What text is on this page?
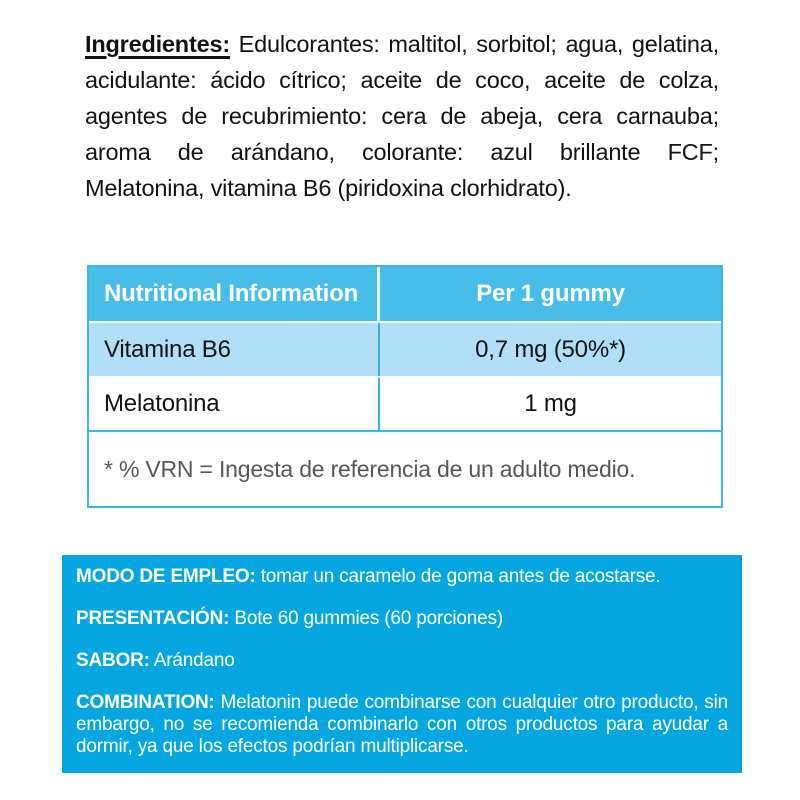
Ingredientes: Edulcorantes: maltitol, sorbitol; agua, gelatina, acidulante: ácido cítrico; aceite de coco, aceite de colza, agentes de recubrimiento: cera de abeja, cera carnauba; aroma de arándano, colorante: azul brillante FCF; Melatonina, vitamina B6 (piridoxina clorhidrato).

Nutritional Information	Per 1 gummy
Vitamina B6	0,7 mg (50%*)
Melatonina	1 mg
* % VRN = Ingesta de referencia de un adulto medio.

MODO DE EMPLEO: tomar un caramelo de goma antes de acostarse.

PRESENTACIÓN: Bote 60 gummies (60 porciones)

SABOR: Arándano

COMBINATION: Melatonin puede combinarse con cualquier otro producto, sin embargo, no se recomienda combinarlo con otros productos para ayudar a dormir, ya que los efectos podrían multiplicarse.
